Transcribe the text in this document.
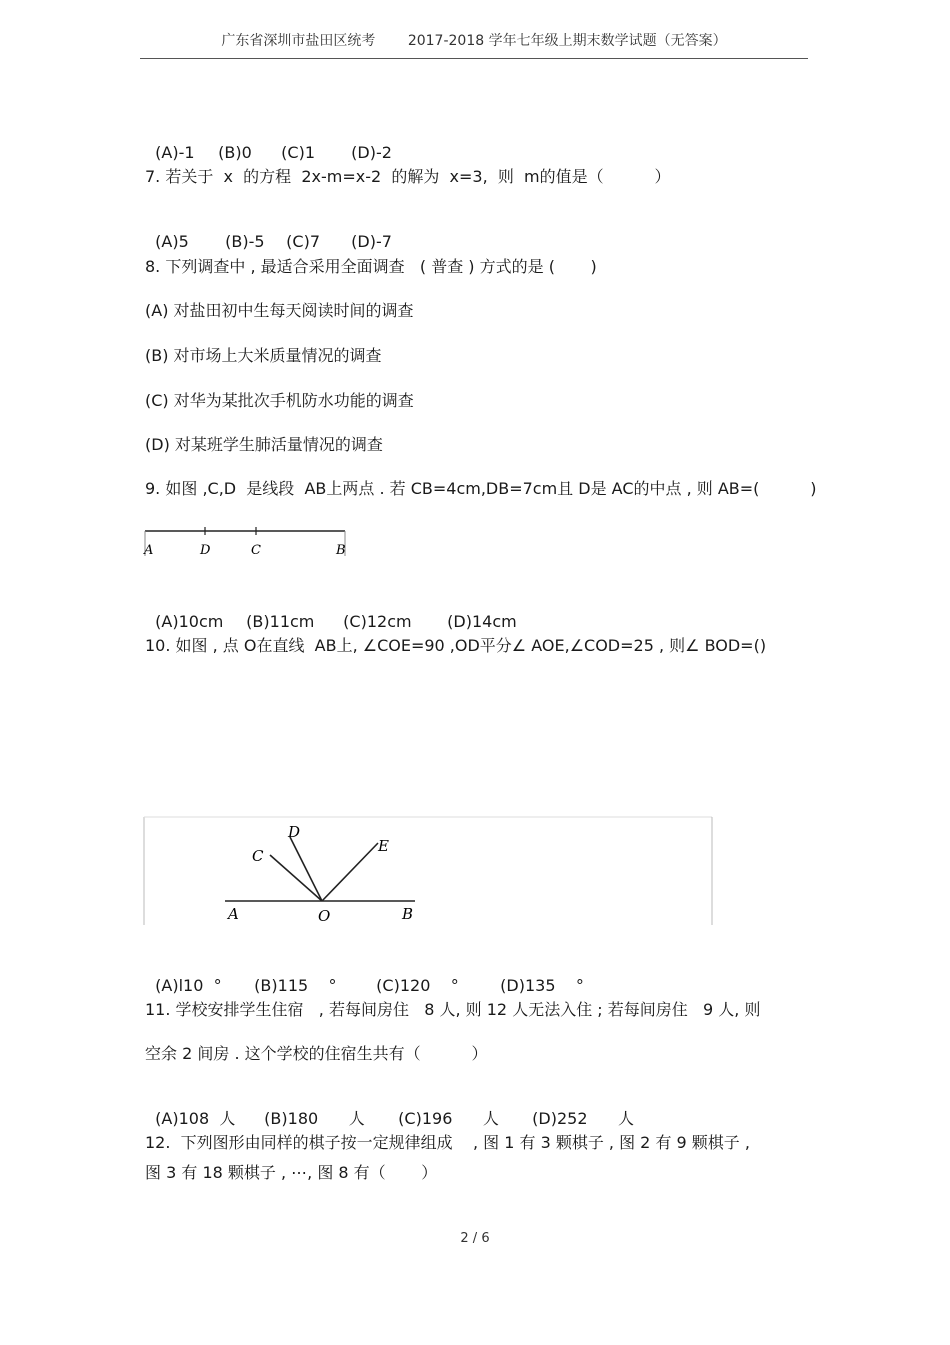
广东省深圳市盐田区统考 　　2017-2018 学年七年级上期末数学试题（无答案）

(A)-1 (B)0 (C)1 (D)-2

7. 若关于  x  的方程  2x-m=x-2  的解为  x=3,  则  m的值是（          ）

(A)5 (B)-5 (C)7 (D)-7

8. 下列调查中 , 最适合采用全面调查   ( 普查 ) 方式的是 (       )
(A) 对盐田初中生每天阅读时间的调查
(B) 对市场上大米质量情况的调查
(C) 对华为某批次手机防水功能的调查
(D) 对某班学生肺活量情况的调查
9. 如图 ,C,D  是线段  AB上两点 . 若 CB=4cm,DB=7cm且 D是 AC的中点 , 则 AB=(          )
A	D	C	B

(A)10cm (B)11cm (C)12cm (D)14cm

10. 如图 , 点 O在直线  AB上, ∠COE=90 ,OD平分∠ AOE,∠COD=25 , 则∠ BOD=()
D
C
E
A	O	B

(A)l10  ° (B)115    ° (C)120    °	(D)135    °

11. 学校安排学生住宿   , 若每间房住   8 人, 则 12 人无法入住 ; 若每间房住   9 人, 则
空余 2 间房 . 这个学校的住宿生共有（          ）

(A)108  人 (B)180      人 (C)196      人 (D)252      人

12.  下列图形由同样的棋子按一定规律组成    , 图 1 有 3 颗棋子 , 图 2 有 9 颗棋子 ,
图 3 有 18 颗棋子 , ⋯, 图 8 有（       ）
2 / 6
